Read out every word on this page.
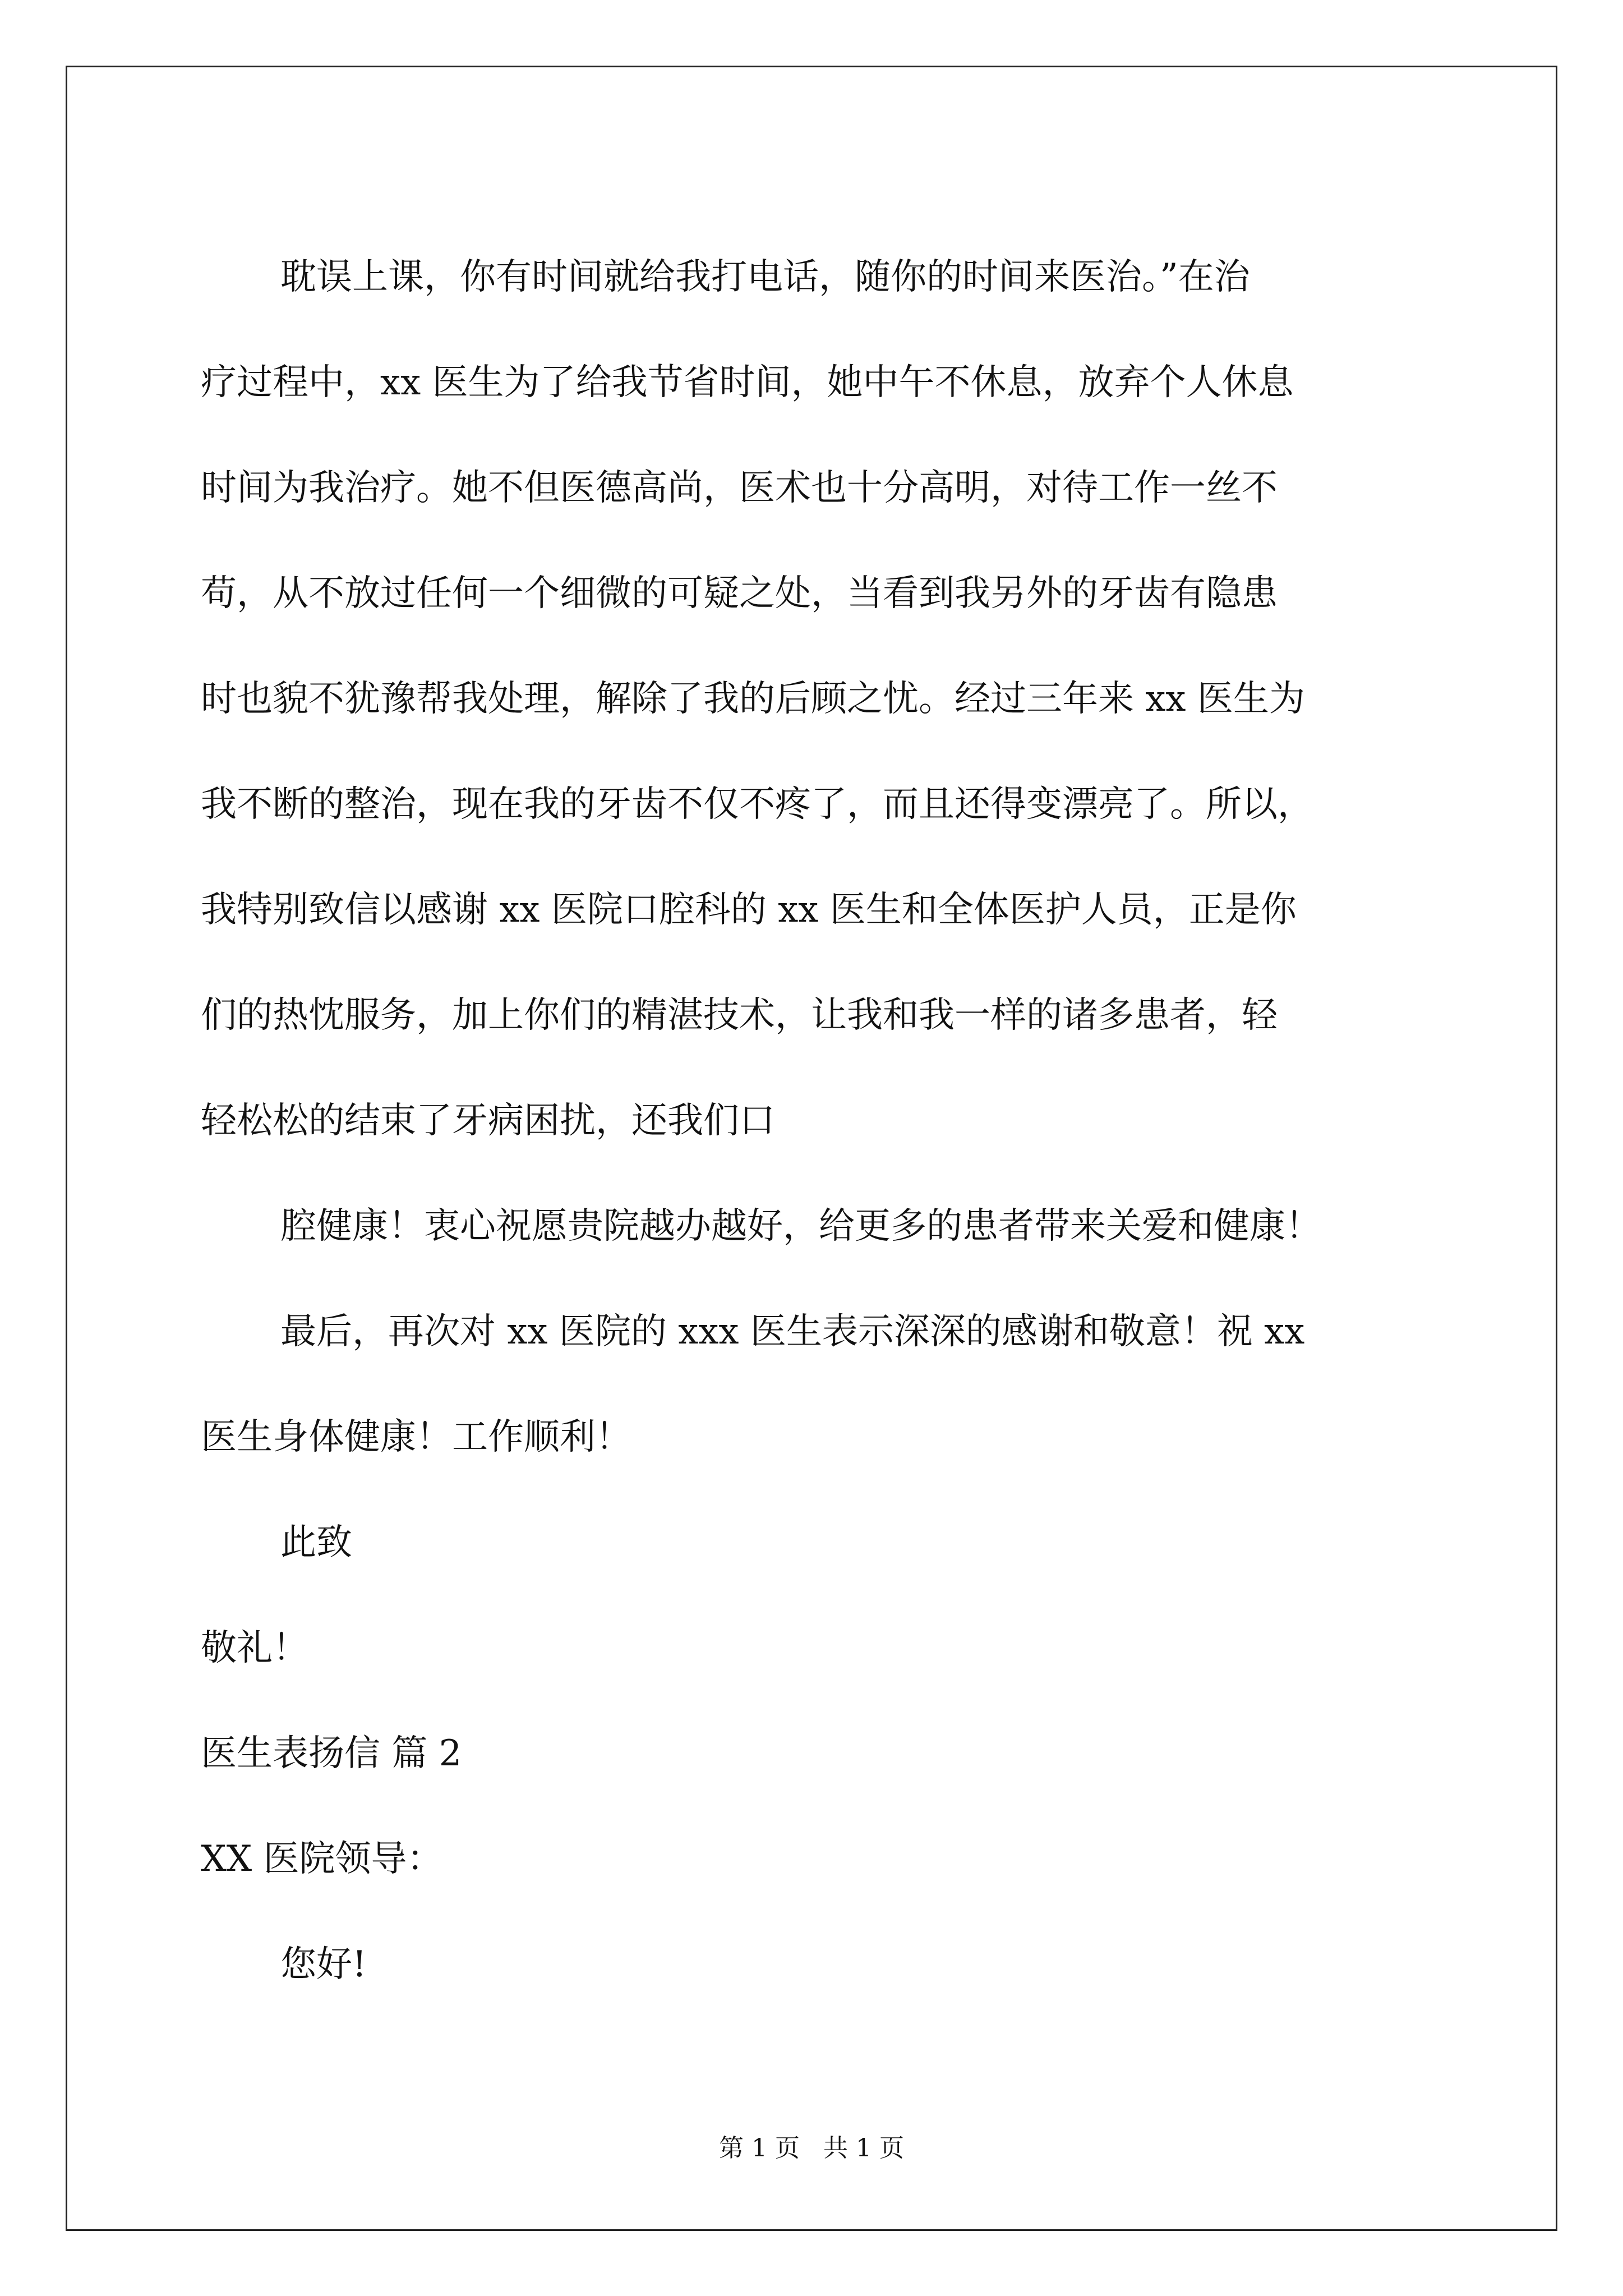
耽误上课，你有时间就给我打电话，随你的时间来医治。”在治
疗过程中，xx 医生为了给我节省时间，她中午不休息，放弃个人休息
时间为我治疗。她不但医德高尚，医术也十分高明，对待工作一丝不
苟，从不放过任何一个细微的可疑之处，当看到我另外的牙齿有隐患
时也貌不犹豫帮我处理，解除了我的后顾之忧。经过三年来 xx 医生为
我不断的整治，现在我的牙齿不仅不疼了，而且还得变漂亮了。所以，
我特别致信以感谢 xx 医院口腔科的 xx 医生和全体医护人员，正是你
们的热忱服务，加上你们的精湛技术，让我和我一样的诸多患者，轻
轻松松的结束了牙病困扰，还我们口

腔健康！衷心祝愿贵院越办越好，给更多的患者带来关爱和健康！

最后，再次对 xx 医院的 xxx 医生表示深深的感谢和敬意！祝 xx
医生身体健康！工作顺利！

此致

敬礼！

医生表扬信 篇 2

XX 医院领导：

您好!

第 1 页   共 1 页
